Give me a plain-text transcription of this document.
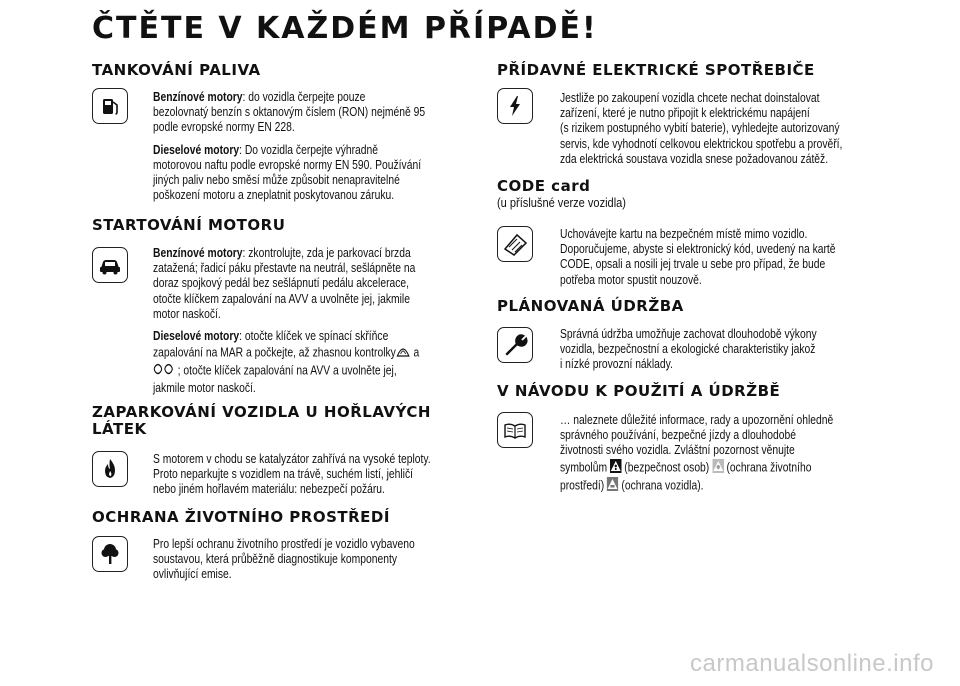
ČTĚTE V KAŽDÉM PŘÍPADĚ!
TANKOVÁNÍ PALIVA
Benzínové motory: do vozidla čerpejte pouze
bezolovnatý benzín s oktanovým číslem (RON) nejméně 95
podle evropské normy EN 228.
Dieselové motory: Do vozidla čerpejte výhradně
motorovou naftu podle evropské normy EN 590. Používání
jiných paliv nebo směsí může způsobit nenapravitelné
poškození motoru a zneplatnit poskytovanou záruku.
STARTOVÁNÍ MOTORU
Benzínové motory: zkontrolujte, zda je parkovací brzda
zatažená; řadicí páku přestavte na neutrál, sešlápněte na
doraz spojkový pedál bez sešlápnutí pedálu akcelerace,
otočte klíčkem zapalování na AVV a uvolněte jej, jakmile
motor naskočí.
Dieselové motory: otočte klíček ve spínací skříňce
zapalování na MAR a počkejte, až zhasnou kontrolky a
; otočte klíček zapalování na AVV a uvolněte jej,
jakmile motor naskočí.
ZAPARKOVÁNÍ VOZIDLA U HOŘLAVÝCH
LÁTEK
S motorem v chodu se katalyzátor zahřívá na vysoké teploty.
Proto neparkujte s vozidlem na trávě, suchém listí, jehličí
nebo jiném hořlavém materiálu: nebezpečí požáru.
OCHRANA ŽIVOTNÍHO PROSTŘEDÍ
Pro lepší ochranu životního prostředí je vozidlo vybaveno
soustavou, která průběžně diagnostikuje komponenty
ovlivňující emise.
PŘÍDAVNÉ ELEKTRICKÉ SPOTŘEBIČE
Jestliže po zakoupení vozidla chcete nechat doinstalovat
zařízení, které je nutno připojit k elektrickému napájení
(s rizikem postupného vybití baterie), vyhledejte autorizovaný
servis, kde vyhodnotí celkovou elektrickou spotřebu a prověří,
zda elektrická soustava vozidla snese požadovanou zátěž.
CODE card
(u příslušné verze vozidla)
Uchovávejte kartu na bezpečném místě mimo vozidlo.
Doporučujeme, abyste si elektronický kód, uvedený na kartě
CODE, opsali a nosili jej trvale u sebe pro případ, že bude
potřeba motor spustit nouzově.
PLÁNOVANÁ ÚDRŽBA
Správná údržba umožňuje zachovat dlouhodobě výkony
vozidla, bezpečnostní a ekologické charakteristiky jakož
i nízké provozní náklady.
V NÁVODU K POUŽITÍ A ÚDRŽBĚ
… naleznete důležité informace, rady a upozornění ohledně
správného používání, bezpečné jízdy a dlouhodobé
životnosti svého vozidla. Zvláštní pozornost věnujte
symbolům (bezpečnost osob) (ochrana životního
prostředí) (ochrana vozidla).
carmanualsonline.info
